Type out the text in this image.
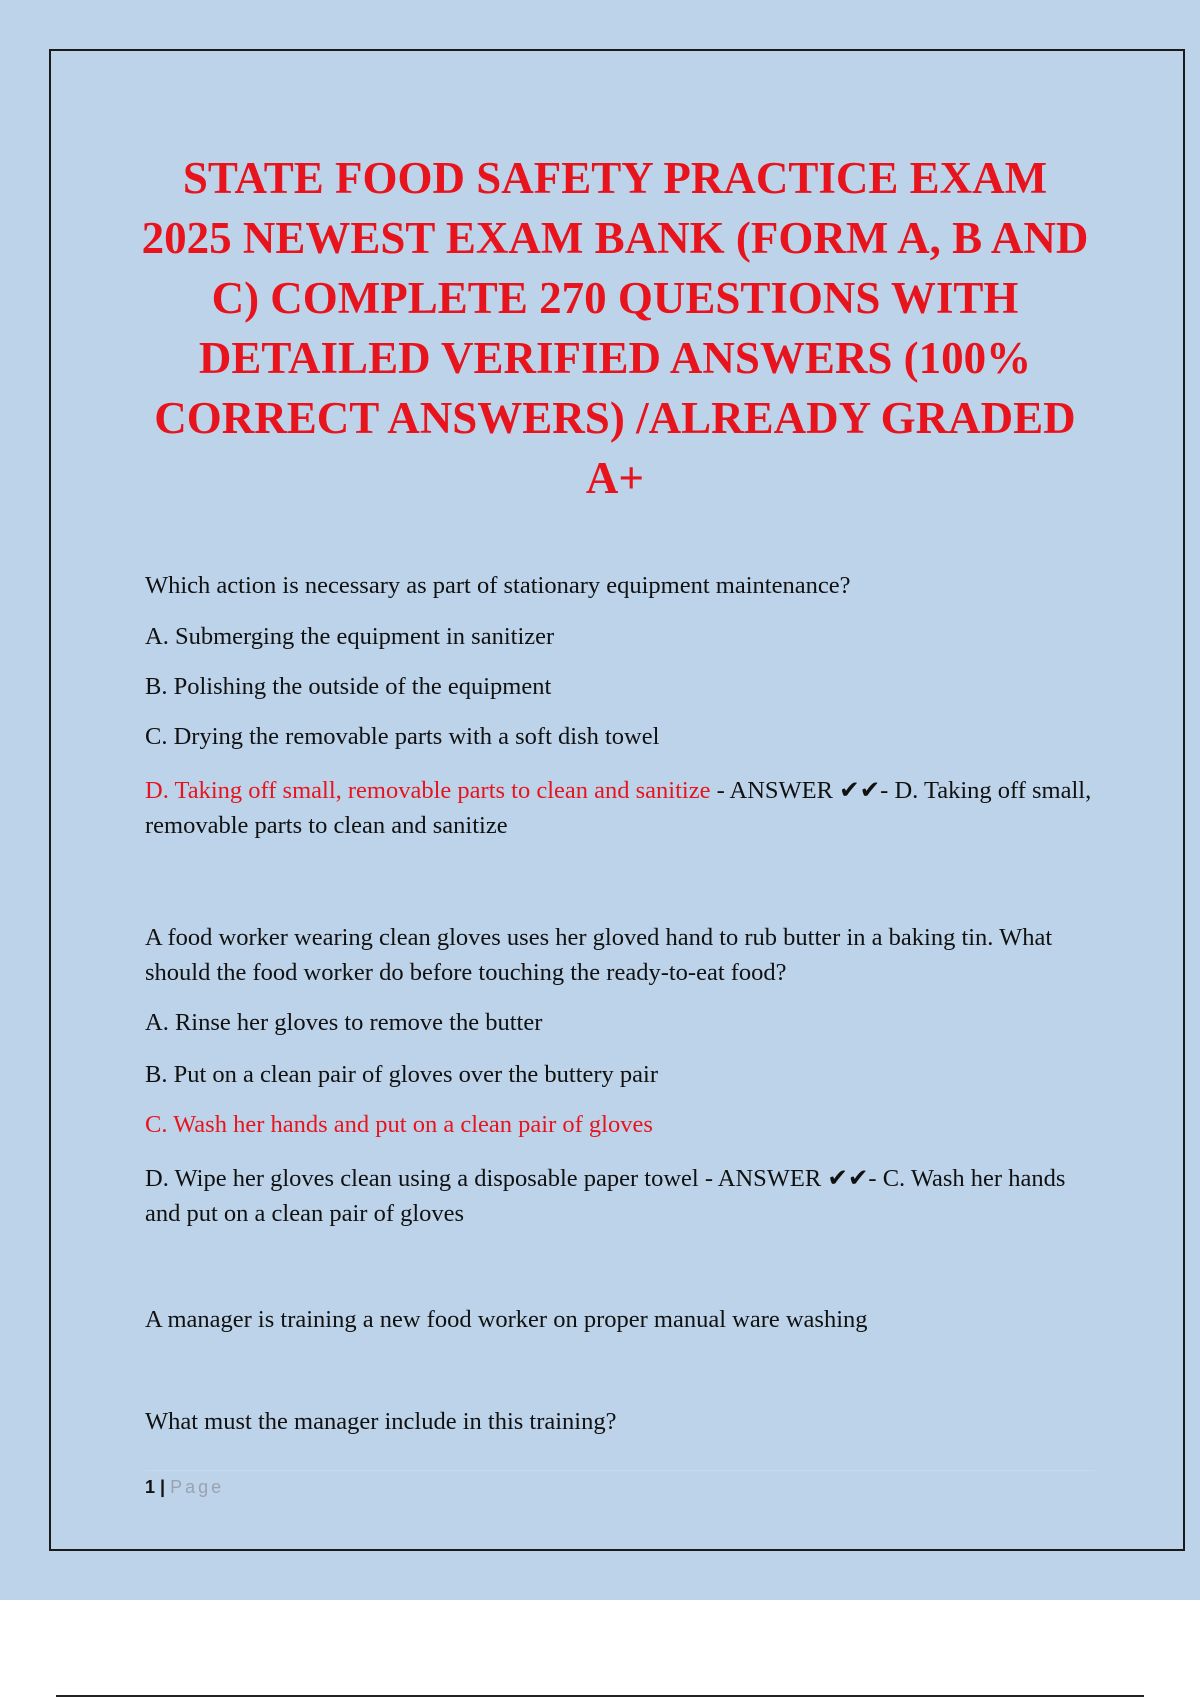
STATE FOOD SAFETY PRACTICE EXAM 2025 NEWEST EXAM BANK (FORM A, B AND C) COMPLETE 270 QUESTIONS WITH DETAILED VERIFIED ANSWERS (100% CORRECT ANSWERS) /ALREADY GRADED A+

Which action is necessary as part of stationary equipment maintenance?

A. Submerging the equipment in sanitizer

B. Polishing the outside of the equipment

C. Drying the removable parts with a soft dish towel

D. Taking off small, removable parts to clean and sanitize - ANSWER ✔✔- D. Taking off small, removable parts to clean and sanitize

A food worker wearing clean gloves uses her gloved hand to rub butter in a baking tin. What should the food worker do before touching the ready-to-eat food?

A. Rinse her gloves to remove the butter

B. Put on a clean pair of gloves over the buttery pair

C. Wash her hands and put on a clean pair of gloves

D. Wipe her gloves clean using a disposable paper towel - ANSWER ✔✔- C. Wash her hands and put on a clean pair of gloves

A manager is training a new food worker on proper manual ware washing

What must the manager include in this training?

1 | Page
